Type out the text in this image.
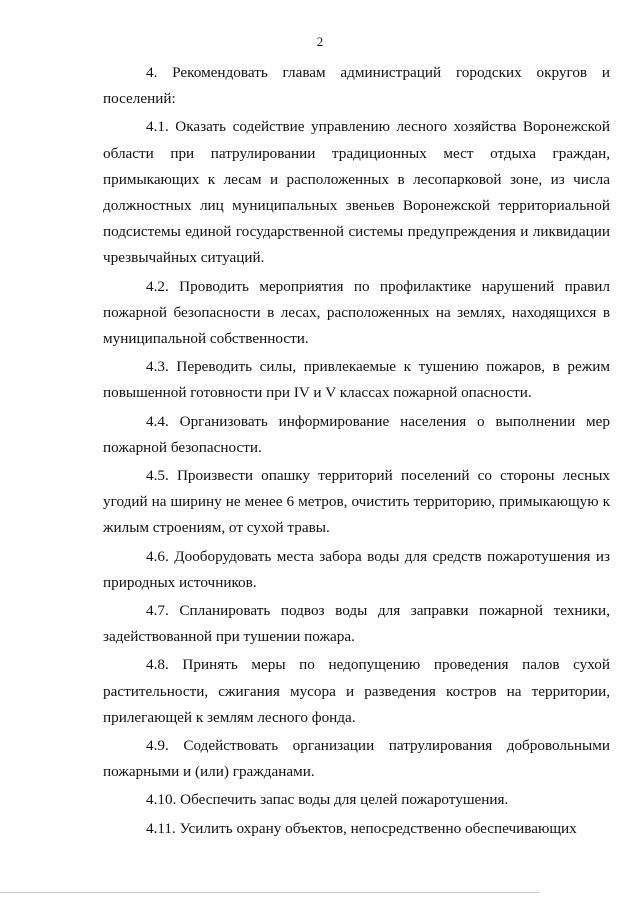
2

4. Рекомендовать главам администраций городских округов и поселений:

4.1. Оказать содействие управлению лесного хозяйства Воронежской области при патрулировании традиционных мест отдыха граждан, примыкающих к лесам и расположенных в лесопарковой зоне, из числа должностных лиц муниципальных звеньев Воронежской территориальной подсистемы единой государственной системы предупреждения и ликвидации чрезвычайных ситуаций.

4.2. Проводить мероприятия по профилактике нарушений правил пожарной безопасности в лесах, расположенных на землях, находящихся в муниципальной собственности.

4.3. Переводить силы, привлекаемые к тушению пожаров, в режим повышенной готовности при IV и V классах пожарной опасности.

4.4. Организовать информирование населения о выполнении мер пожарной безопасности.

4.5. Произвести опашку территорий поселений со стороны лесных угодий на ширину не менее 6 метров, очистить территорию, примыкающую к жилым строениям, от сухой травы.

4.6. Дооборудовать места забора воды для средств пожаротушения из природных источников.

4.7. Спланировать подвоз воды для заправки пожарной техники, задействованной при тушении пожара.

4.8. Принять меры по недопущению проведения палов сухой растительности, сжигания мусора и разведения костров на территории, прилегающей к землям лесного фонда.

4.9. Содействовать организации патрулирования добровольными пожарными и (или) гражданами.

4.10. Обеспечить запас воды для целей пожаротушения.

4.11. Усилить охрану объектов, непосредственно обеспечивающих
